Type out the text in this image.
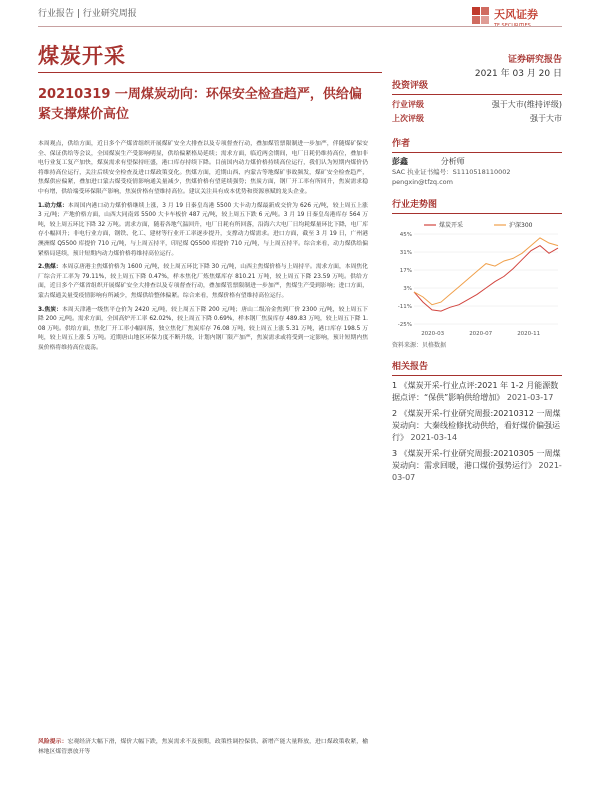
行业报告 | 行业研究周报	天风证券
TF SECURITIES
煤炭开采	证券研究报告
2021 年 03 月 20 日
20210319 一周煤炭动向：环保安全检查趋严，供给偏紧支撑煤价高位

本周观点，供给方面，近日多个产煤省组织开展煤矿安全大排查以及专项督查行动，叠加煤管票限制进一步加严，伴随煤矿保安全、保证供给等会议，全国煤炭生产受影响明显，供给偏紧格局延续；需求方面，临近两会期间，电厂日耗仍维持高位，叠加非电行业复工复产加快，煤炭需求有望保持旺盛，港口库存持续下降。目前国内动力煤价格持续高位运行，我们认为短期内煤价仍将维持高位运行，关注后续安全检查及进口煤政策变化。焦煤方面，近期山西、内蒙古等地煤矿事故频发，煤矿安全检查趋严，焦煤供应偏紧，叠加进口蒙古煤受疫情影响通关量减少，焦煤价格有望延续强势；焦炭方面，钢厂开工率有所回升，焦炭需求稳中有增，供给端受环保限产影响，焦炭价格有望维持高位。建议关注具有成本优势和资源禀赋的龙头企业。

1.动力煤：本周国内港口动力煤价格继续上涨，3 月 19 日秦皇岛港 5500 大卡动力煤最新成交价为 626 元/吨，较上周五上涨 3 元/吨；产地价格方面，山西大同南郊 5500 大卡车板价 487 元/吨，较上周五下跌 6 元/吨。3 月 19 日秦皇岛港库存 564 万吨，较上周五环比下降 32 万吨。需求方面，随着各地气温回升，电厂日耗有所回落，沿海六大电厂日均耗煤量环比下降，电厂库存小幅回升；非电行业方面，钢铁、化工、建材等行业开工率逐步提升，支撑动力煤需求。进口方面，截至 3 月 19 日，广州港澳洲煤 Q5500 库提价 710 元/吨，与上周五持平，印尼煤 Q5500 库提价 710 元/吨，与上周五持平。综合来看，动力煤供给偏紧格局延续，预计短期内动力煤价格将维持高位运行。

2.焦煤：本周京唐港主焦煤价格为 1600 元/吨，较上周五环比下降 30 元/吨，山西主焦煤价格与上周持平。需求方面，本周焦化厂综合开工率为 79.11%，较上周五下降 0.47%，样本焦化厂炼焦煤库存 810.21 万吨，较上周五下降 23.59 万吨。供给方面，近日多个产煤省组织开展煤矿安全大排查以及专项督查行动，叠加煤管票限制进一步加严，焦煤生产受到影响；进口方面，蒙古煤通关量受疫情影响有所减少，焦煤供给整体偏紧。综合来看，焦煤价格有望维持高位运行。

3.焦炭：本周天津港一级焦平仓价为 2420 元/吨，较上周五下降 200 元/吨；唐山二级冶金焦到厂价 2300 元/吨，较上周五下降 200 元/吨。需求方面，全国高炉开工率 62.02%，较上周五下降 0.69%，样本钢厂焦炭库存 489.83 万吨，较上周五下降 1.08 万吨。供给方面，焦化厂开工率小幅回落，独立焦化厂焦炭库存 76.08 万吨，较上周五上涨 5.31 万吨，港口库存 198.5 万吨，较上周五上涨 5 万吨。近期唐山地区环保力度不断升级，计划内钢厂限产加严，焦炭需求或将受到一定影响，预计短期内焦炭价格将维持高位震荡。

风险提示：宏观经济大幅下滑，煤价大幅下跌，焦炭需求不及预期，政策性调控保供、新增产能大量释放，进口煤政策收紧，榆林地区煤管票放开等

投资评级
行业评级	强于大市(维持评级)
上次评级	强于大市
作者
彭鑫	分析师
SAC 执业证书编号：S1110518110002
pengxin@tfzq.com
行业走势图
-25%
-11%
3%
17%
31%
45%
2020-03	2020-07	2020-11
煤炭开采	沪深300
资料来源：贝格数据
相关报告
1 《煤炭开采-行业点评:2021 年 1-2 月能源数据点评：“保供”影响供给增加》 2021-03-17
2 《煤炭开采-行业研究周报:20210312 一周煤炭动向：大秦线检修扰动供给，看好煤价偏强运行》 2021-03-14
3 《煤炭开采-行业研究周报:20210305 一周煤炭动向：需求回暖，港口煤价强势运行》 2021-03-07
